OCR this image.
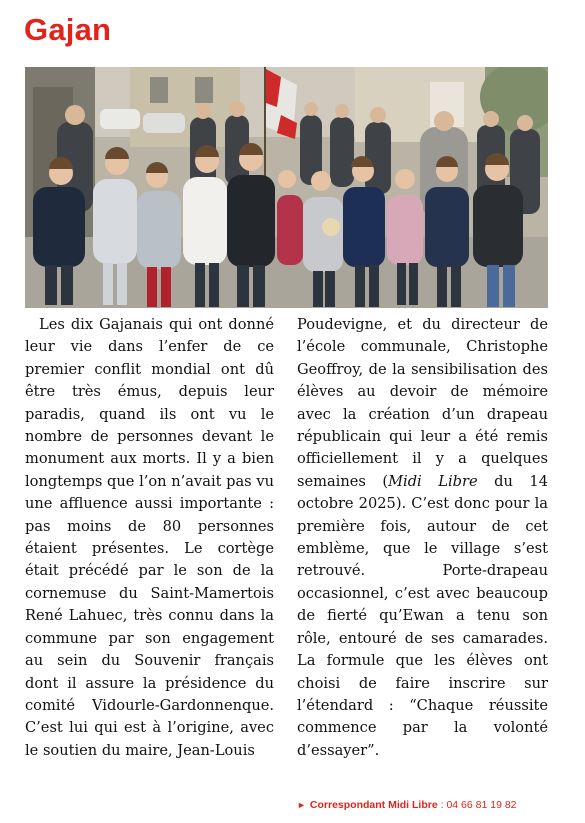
Gajan

Les dix Gajanais qui ont donné leur vie dans l’enfer de ce premier conflit mondial ont dû être très émus, depuis leur paradis, quand ils ont vu le nombre de personnes devant le monument aux morts. Il y a bien longtemps que l’on n’avait pas vu une affluence aussi importante : pas moins de 80 personnes étaient présentes. Le cortège était précédé par le son de la cornemuse du Saint-Mamertois René Lahuec, très connu dans la commune par son engagement au sein du Souvenir français dont il assure la présidence du comité Vidourle-Gardonnenque. C’est lui qui est à l’origine, avec le soutien du maire, Jean-Louis

Poudevigne, et du directeur de l’école communale, Christophe Geoffroy, de la sensibilisation des élèves au devoir de mémoire avec la création d’un drapeau républicain qui leur a été remis officiellement il y a quelques semaines (Midi Libre du 14 octobre 2025). C’est donc pour la première fois, autour de cet emblème, que le village s’est retrouvé. Porte-drapeau occasionnel, c’est avec beaucoup de fierté qu’Ewan a tenu son rôle, entouré de ses camarades. La formule que les élèves ont choisi de faire inscrire sur l’étendard : “Chaque réussite commence par la volonté d’essayer”.

► Correspondant Midi Libre : 04 66 81 19 82
